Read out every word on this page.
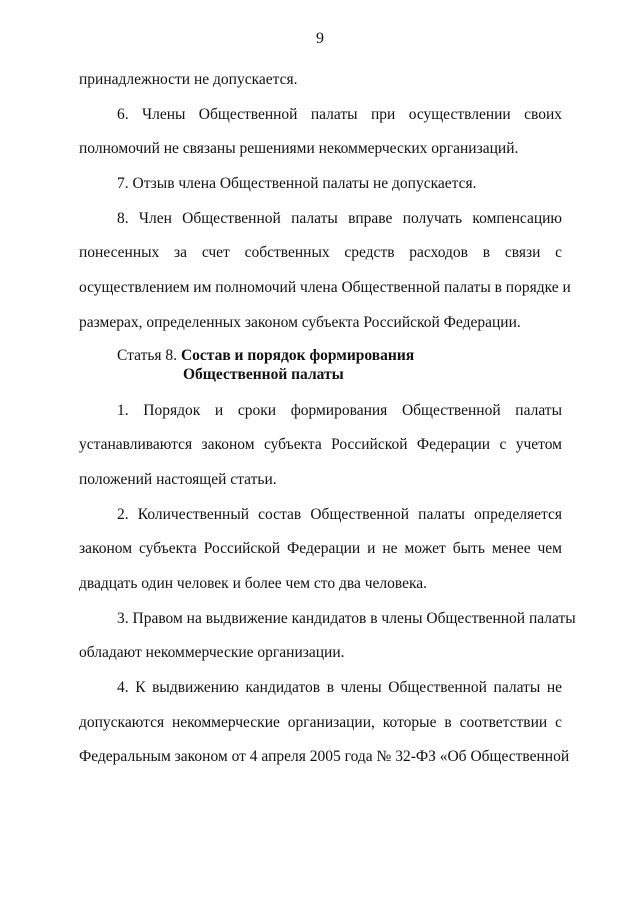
9
принадлежности не допускается.
6. Члены Общественной палаты при осуществлении своих
полномочий не связаны решениями некоммерческих организаций.
7. Отзыв члена Общественной палаты не допускается.
8. Член Общественной палаты вправе получать компенсацию
понесенных за счет собственных средств расходов в связи с
осуществлением им полномочий члена Общественной палаты в порядке и
размерах, определенных законом субъекта Российской Федерации.
Статья 8. Состав и порядок формирования
Общественной палаты
1. Порядок и сроки формирования Общественной палаты
устанавливаются законом субъекта Российской Федерации с учетом
положений настоящей статьи.
2. Количественный состав Общественной палаты определяется
законом субъекта Российской Федерации и не может быть менее чем
двадцать один человек и более чем сто два человека.
3. Правом на выдвижение кандидатов в члены Общественной палаты
обладают некоммерческие организации.
4. К выдвижению кандидатов в члены Общественной палаты не
допускаются некоммерческие организации, которые в соответствии с
Федеральным законом от 4 апреля 2005 года № 32-ФЗ «Об Общественной
